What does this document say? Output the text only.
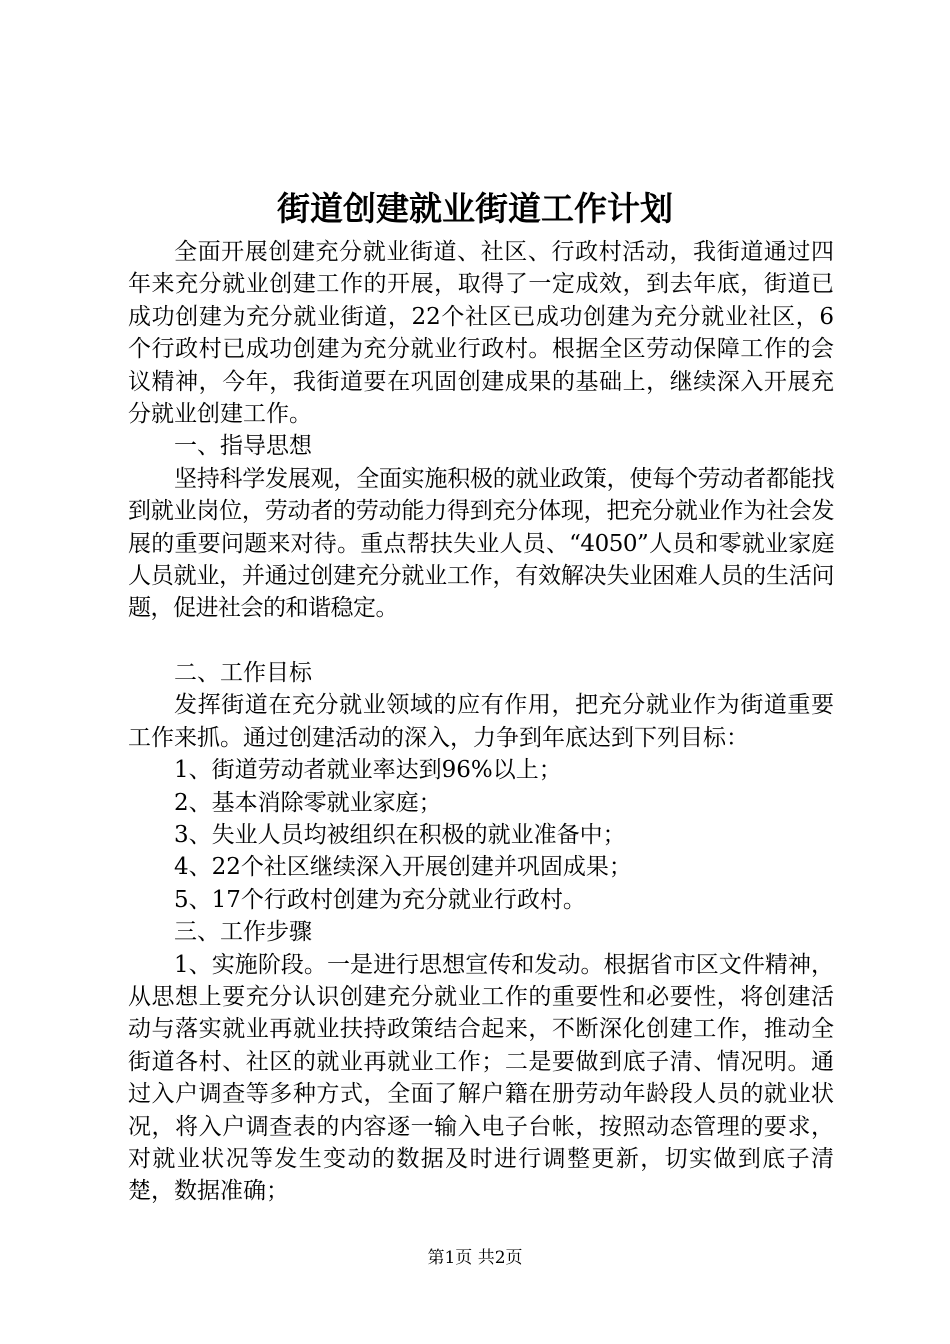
街道创建就业街道工作计划

全面开展创建充分就业街道、社区、行政村活动，我街道通过四年来充分就业创建工作的开展，取得了一定成效，到去年底，街道已成功创建为充分就业街道，22个社区已成功创建为充分就业社区，6个行政村已成功创建为充分就业行政村。根据全区劳动保障工作的会议精神，今年，我街道要在巩固创建成果的基础上，继续深入开展充分就业创建工作。

一、指导思想

坚持科学发展观，全面实施积极的就业政策，使每个劳动者都能找到就业岗位，劳动者的劳动能力得到充分体现，把充分就业作为社会发展的重要问题来对待。重点帮扶失业人员、“4050”人员和零就业家庭人员就业，并通过创建充分就业工作，有效解决失业困难人员的生活问题，促进社会的和谐稳定。

二、工作目标

发挥街道在充分就业领域的应有作用，把充分就业作为街道重要工作来抓。通过创建活动的深入，力争到年底达到下列目标：

1、街道劳动者就业率达到96%以上；

2、基本消除零就业家庭；

3、失业人员均被组织在积极的就业准备中；

4、22个社区继续深入开展创建并巩固成果；

5、17个行政村创建为充分就业行政村。

三、工作步骤

1、实施阶段。一是进行思想宣传和发动。根据省市区文件精神，从思想上要充分认识创建充分就业工作的重要性和必要性，将创建活动与落实就业再就业扶持政策结合起来，不断深化创建工作，推动全街道各村、社区的就业再就业工作；二是要做到底子清、情况明。通过入户调查等多种方式，全面了解户籍在册劳动年龄段人员的就业状况，将入户调查表的内容逐一输入电子台帐，按照动态管理的要求，对就业状况等发生变动的数据及时进行调整更新，切实做到底子清楚，数据准确；

第1页 共2页
